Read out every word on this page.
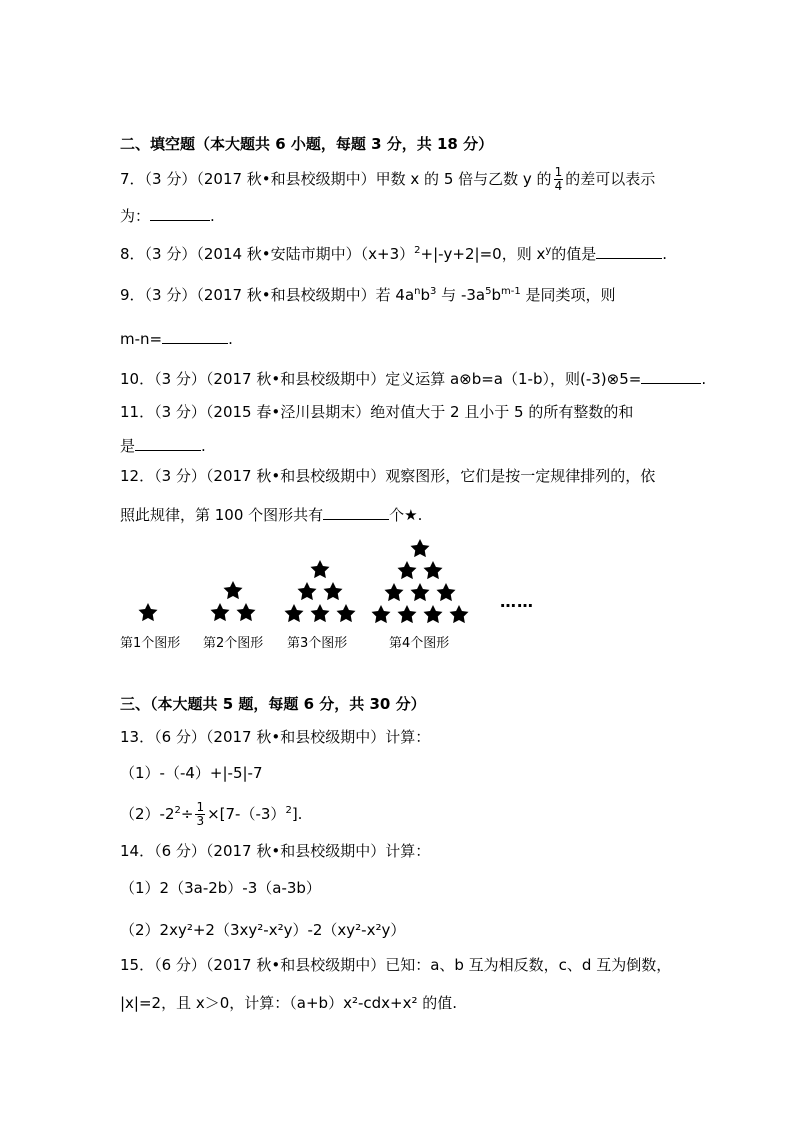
二、填空题（本大题共 6 小题，每题 3 分，共 18 分）
7．（3 分）（2017 秋•和县校级期中）甲数 x 的 5 倍与乙数 y 的 $\frac{1}{4}$ 的差可以表示
为：	.
8．（3 分）（2014 秋•安陆市期中）$(x+3)^2+|-y+2|=0$，则 $x^y$的值是	.
9．（3 分）（2017 秋•和县校级期中）若 $4a^nb^3$ 与 $-3a^5b^{m-1}$ 是同类项，则
m-n=	.
10．（3 分）（2017 秋•和县校级期中）定义运算 a⊗b=a（1-b），则(-3)⊗5=	.
11．（3 分）（2015 春•泾川县期末）绝对值大于 2 且小于 5 的所有整数的和
是	.
12．（3 分）（2017 秋•和县校级期中）观察图形，它们是按一定规律排列的，依
照此规律，第 100 个图形共有	个★.
第1个图形 第2个图形 第3个图形	第4个图形
……
三、（本大题共 5 题，每题 6 分，共 30 分）
13．（6 分）（2017 秋•和县校级期中）计算：
（1）-（-4）+|-5|-7
$(2)-2^2\div \frac{1}{3} \times[7-(-3)^2]$.
14．（6 分）（2017 秋•和县校级期中）计算：
（1）2（3a-2b）-3（a-3b）
（2）2xy²+2（3xy²-x²y）-2（xy²-x²y）
15．（6 分）（2017 秋•和县校级期中）已知：a、b 互为相反数，c、d 互为倒数，
|x|=2，且 x＞0，计算：（a+b）x²-cdx+x² 的值.
